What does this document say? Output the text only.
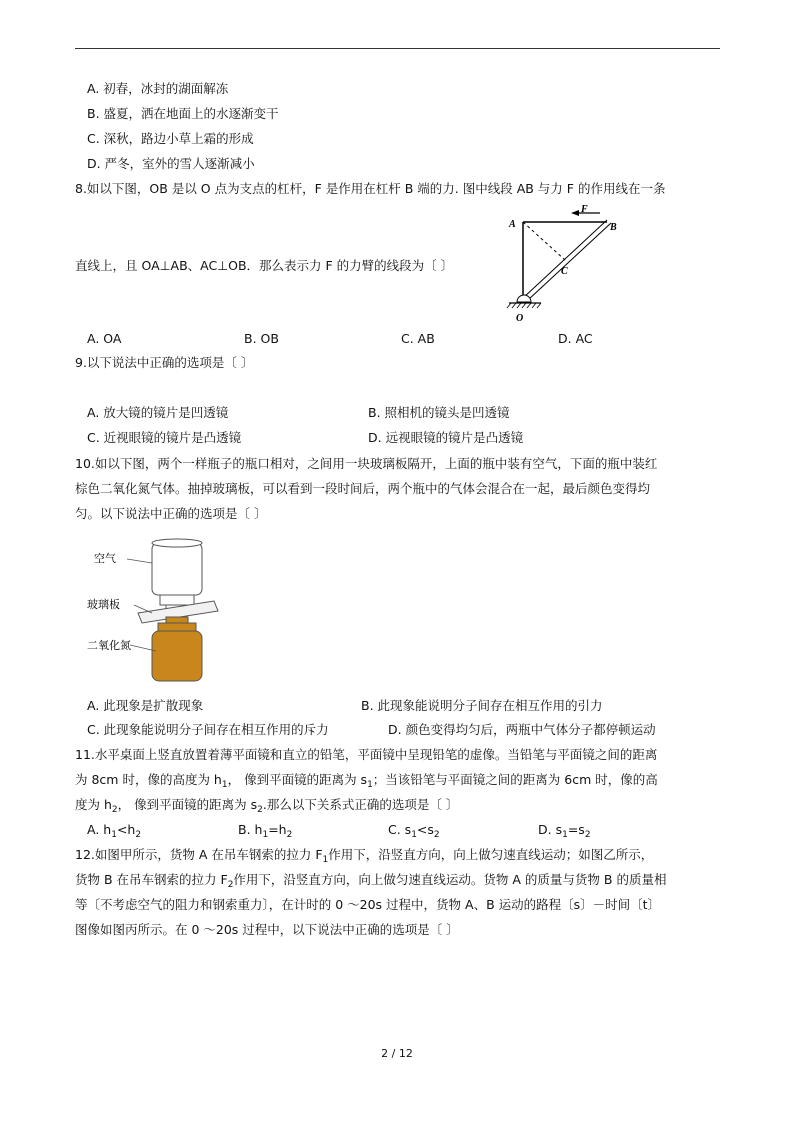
A. 初春，冰封的湖面解冻
B. 盛夏，洒在地面上的水逐渐变干
C. 深秋，路边小草上霜的形成
D. 严冬，室外的雪人逐渐减小
8.如以下图，OB 是以 O 点为支点的杠杆，F 是作用在杠杆 B 端的力. 图中线段 AB 与力 F 的作用线在一条
直线上，且 OA⊥AB、AC⊥OB．那么表示力 F 的力臂的线段为〔 〕
A	B
C
O
F
A. OA	B. OB	C. AB	D. AC
9.以下说法中正确的选项是〔 〕
A. 放大镜的镜片是凹透镜	B. 照相机的镜头是凹透镜
C. 近视眼镜的镜片是凸透镜	D. 远视眼镜的镜片是凸透镜
10.如以下图，两个一样瓶子的瓶口相对，之间用一块玻璃板隔开，上面的瓶中装有空气，下面的瓶中装红
棕色二氧化氮气体。抽掉玻璃板，可以看到一段时间后，两个瓶中的气体会混合在一起，最后颜色变得均
匀。以下说法中正确的选项是〔 〕
空气
玻璃板
二氧化氮
A. 此现象是扩散现象	B. 此现象能说明分子间存在相互作用的引力
C. 此现象能说明分子间存在相互作用的斥力	D. 颜色变得均匀后，两瓶中气体分子都停顿运动
11.水平桌面上竖直放置着薄平面镜和直立的铅笔，平面镜中呈现铅笔的虚像。当铅笔与平面镜之间的距离
为 8cm 时，像的高度为 $h_1$， 像到平面镜的距离为 $s_1$；当该铅笔与平面镜之间的距离为 6cm 时，像的高
度为 $h_2$， 像到平面镜的距离为 $s_2$.那么以下关系式正确的选项是〔 〕
A. $h_1<h_2$	B. $h_1=h_2$	C. $s_1<s_2$	D. $s_1=s_2$
12.如图甲所示，货物 A 在吊车钢索的拉力 $F_1$作用下，沿竖直方向，向上做匀速直线运动；如图乙所示，
货物 B 在吊车钢索的拉力 $F_2$作用下，沿竖直方向，向上做匀速直线运动。货物 A 的质量与货物 B 的质量相
等〔不考虑空气的阻力和钢索重力〕，在计时的 0 ～20s 过程中，货物 A、B 运动的路程〔s〕－时间〔t〕
图像如图丙所示。在 0 ～20s 过程中，以下说法中正确的选项是〔 〕
2 / 12
